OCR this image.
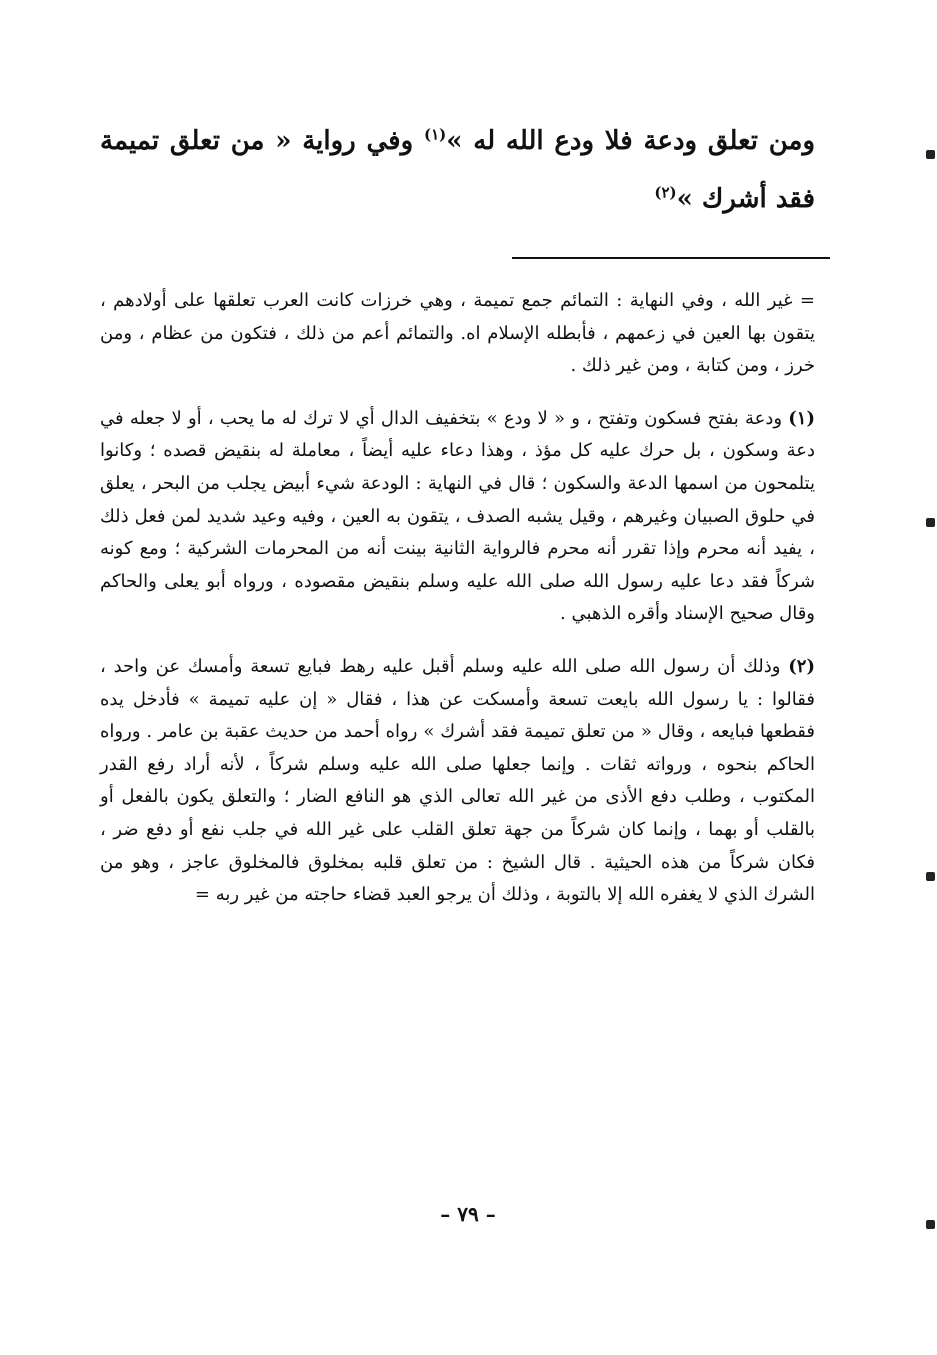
ومن تعلق ودعة فلا ودع الله له »$^{(١)}$ وفي رواية « من تعلق تميمة فقد أشرك »$^{(٢)}$

= غير الله ، وفي النهاية : التمائم جمع تميمة ، وهي خرزات كانت العرب تعلقها على أولادهم ، يتقون بها العين في زعمهم ، فأبطله الإسلام اه. والتمائم أعم من ذلك ، فتكون من عظام ، ومن خرز ، ومن كتابة ، ومن غير ذلك .

(١) ودعة بفتح فسكون وتفتح ، و « لا ودع » بتخفيف الدال أي لا ترك له ما يحب ، أو لا جعله في دعة وسكون ، بل حرك عليه كل مؤذ ، وهذا دعاء عليه أيضاً ، معاملة له بنقيض قصده ؛ وكانوا يتلمحون من اسمها الدعة والسكون ؛ قال في النهاية : الودعة شيء أبيض يجلب من البحر ، يعلق في حلوق الصبيان وغيرهم ، وقيل يشبه الصدف ، يتقون به العين ، وفيه وعيد شديد لمن فعل ذلك ، يفيد أنه محرم وإذا تقرر أنه محرم فالرواية الثانية بينت أنه من المحرمات الشركية ؛ ومع كونه شركاً فقد دعا عليه رسول الله صلى الله عليه وسلم بنقيض مقصوده ، ورواه أبو يعلى والحاكم وقال صحيح الإسناد وأقره الذهبي .

(٢) وذلك أن رسول الله صلى الله عليه وسلم أقبل عليه رهط فبايع تسعة وأمسك عن واحد ، فقالوا : يا رسول الله بايعت تسعة وأمسكت عن هذا ، فقال « إن عليه تميمة » فأدخل يده فقطعها فبايعه ، وقال « من تعلق تميمة فقد أشرك » رواه أحمد من حديث عقبة بن عامر . ورواه الحاكم بنحوه ، ورواته ثقات . وإنما جعلها صلى الله عليه وسلم شركاً ، لأنه أراد رفع القدر المكتوب ، وطلب دفع الأذى من غير الله تعالى الذي هو النافع الضار ؛ والتعلق يكون بالفعل أو بالقلب أو بهما ، وإنما كان شركاً من جهة تعلق القلب على غير الله في جلب نفع أو دفع ضر ، فكان شركاً من هذه الحيثية . قال الشيخ : من تعلق قلبه بمخلوق فالمخلوق عاجز ، وهو من الشرك الذي لا يغفره الله إلا بالتوبة ، وذلك أن يرجو العبد قضاء حاجته من غير ربه =

– ٧٩ –
